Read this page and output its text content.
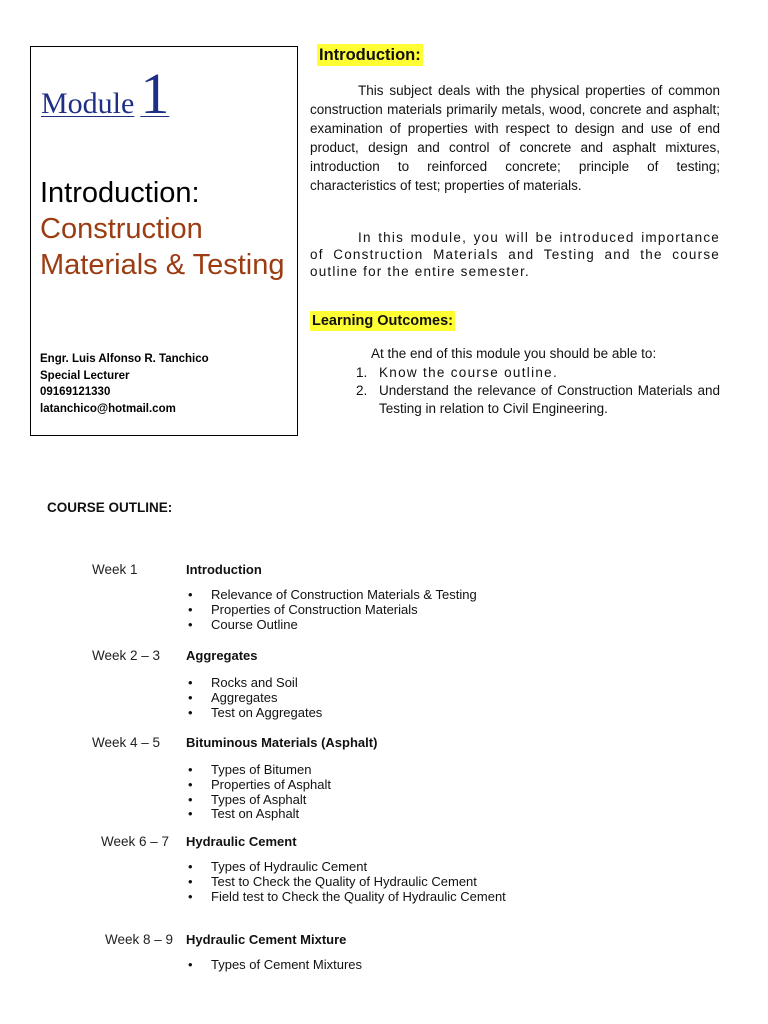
Module 1
Introduction:
Construction Materials & Testing
Engr. Luis Alfonso R. Tanchico
Special Lecturer
09169121330
latanchico@hotmail.com
Introduction:
This subject deals with the physical properties of common construction materials primarily metals, wood, concrete and asphalt; examination of properties with respect to design and use of end product, design and control of concrete and asphalt mixtures, introduction to reinforced concrete; principle of testing; characteristics of test; properties of materials.
In this module, you will be introduced importance of Construction Materials and Testing and the course outline for the entire semester.
Learning Outcomes:
At the end of this module you should be able to:
1. Know the course outline.
2. Understand the relevance of Construction Materials and Testing in relation to Civil Engineering.
COURSE OUTLINE:
Week 1	Introduction
• Relevance of Construction Materials & Testing
• Properties of Construction Materials
• Course Outline
Week 2 – 3 Aggregates
• Rocks and Soil
• Aggregates
• Test on Aggregates
Week 4 – 5 Bituminous Materials (Asphalt)
• Types of Bitumen
• Properties of Asphalt
• Types of Asphalt
• Test on Asphalt
Week 6 – 7 Hydraulic Cement
• Types of Hydraulic Cement
• Test to Check the Quality of Hydraulic Cement
• Field test to Check the Quality of Hydraulic Cement
Week 8 – 9 Hydraulic Cement Mixture
• Types of Cement Mixtures
